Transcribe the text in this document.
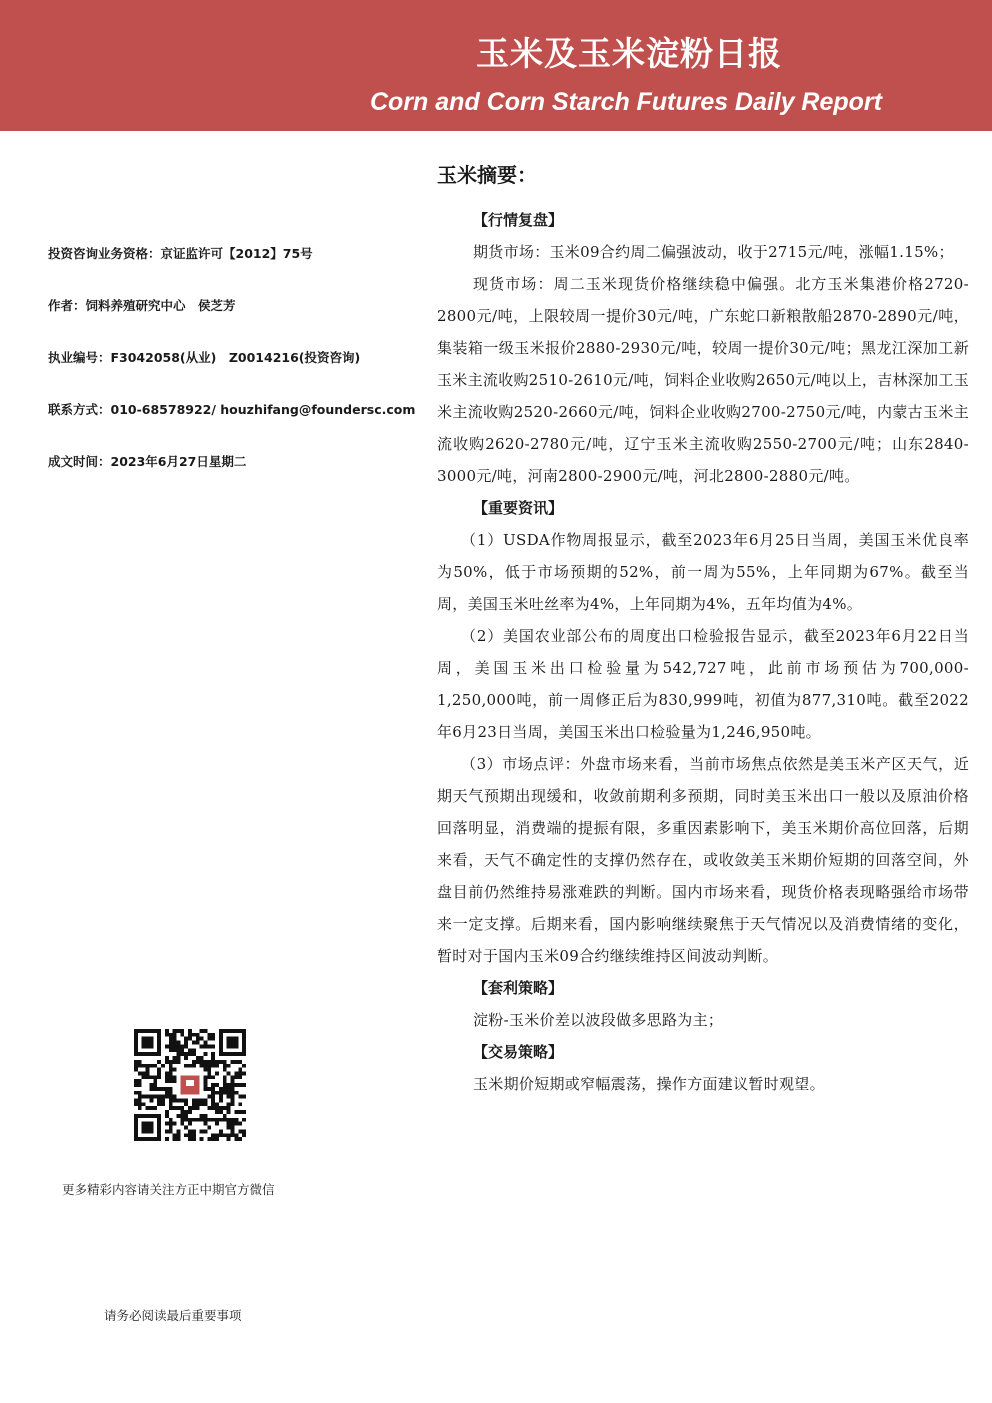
玉米及玉米淀粉日报
Corn and Corn Starch Futures Daily Report
投资咨询业务资格：京证监许可【2012】75号
作者：饲料养殖研究中心　侯芝芳
执业编号：F3042058(从业)　Z0014216(投资咨询)
联系方式：010-68578922/ houzhifang@foundersc.com
成文时间：2023年6月27日星期二
更多精彩内容请关注方正中期官方微信
请务必阅读最后重要事项
玉米摘要：
【行情复盘】

期货市场：玉米09合约周二偏强波动，收于2715元/吨，涨幅1.15%；

现货市场：周二玉米现货价格继续稳中偏强。北方玉米集港价格2720-2800元/吨，上限较周一提价30元/吨，广东蛇口新粮散船2870-2890元/吨，集装箱一级玉米报价2880-2930元/吨，较周一提价30元/吨；黑龙江深加工新玉米主流收购2510-2610元/吨，饲料企业收购2650元/吨以上，吉林深加工玉米主流收购2520-2660元/吨，饲料企业收购2700-2750元/吨，内蒙古玉米主流收购2620-2780元/吨，辽宁玉米主流收购2550-2700元/吨；山东2840-3000元/吨，河南2800-2900元/吨，河北2800-2880元/吨。

【重要资讯】

（1）USDA作物周报显示，截至2023年6月25日当周，美国玉米优良率为50%，低于市场预期的52%，前一周为55%，上年同期为67%。截至当周，美国玉米吐丝率为4%，上年同期为4%，五年均值为4%。

（2）美国农业部公布的周度出口检验报告显示，截至2023年6月22日当周，美国玉米出口检验量为542,727吨，此前市场预估为700,000-1,250,000吨，前一周修正后为830,999吨，初值为877,310吨。截至2022年6月23日当周，美国玉米出口检验量为1,246,950吨。

（3）市场点评：外盘市场来看，当前市场焦点依然是美玉米产区天气，近期天气预期出现缓和，收敛前期利多预期，同时美玉米出口一般以及原油价格回落明显，消费端的提振有限，多重因素影响下，美玉米期价高位回落，后期来看，天气不确定性的支撑仍然存在，或收敛美玉米期价短期的回落空间，外盘目前仍然维持易涨难跌的判断。国内市场来看，现货价格表现略强给市场带来一定支撑。后期来看，国内影响继续聚焦于天气情况以及消费情绪的变化，暂时对于国内玉米09合约继续维持区间波动判断。

【套利策略】

淀粉-玉米价差以波段做多思路为主；

【交易策略】

玉米期价短期或窄幅震荡，操作方面建议暂时观望。
